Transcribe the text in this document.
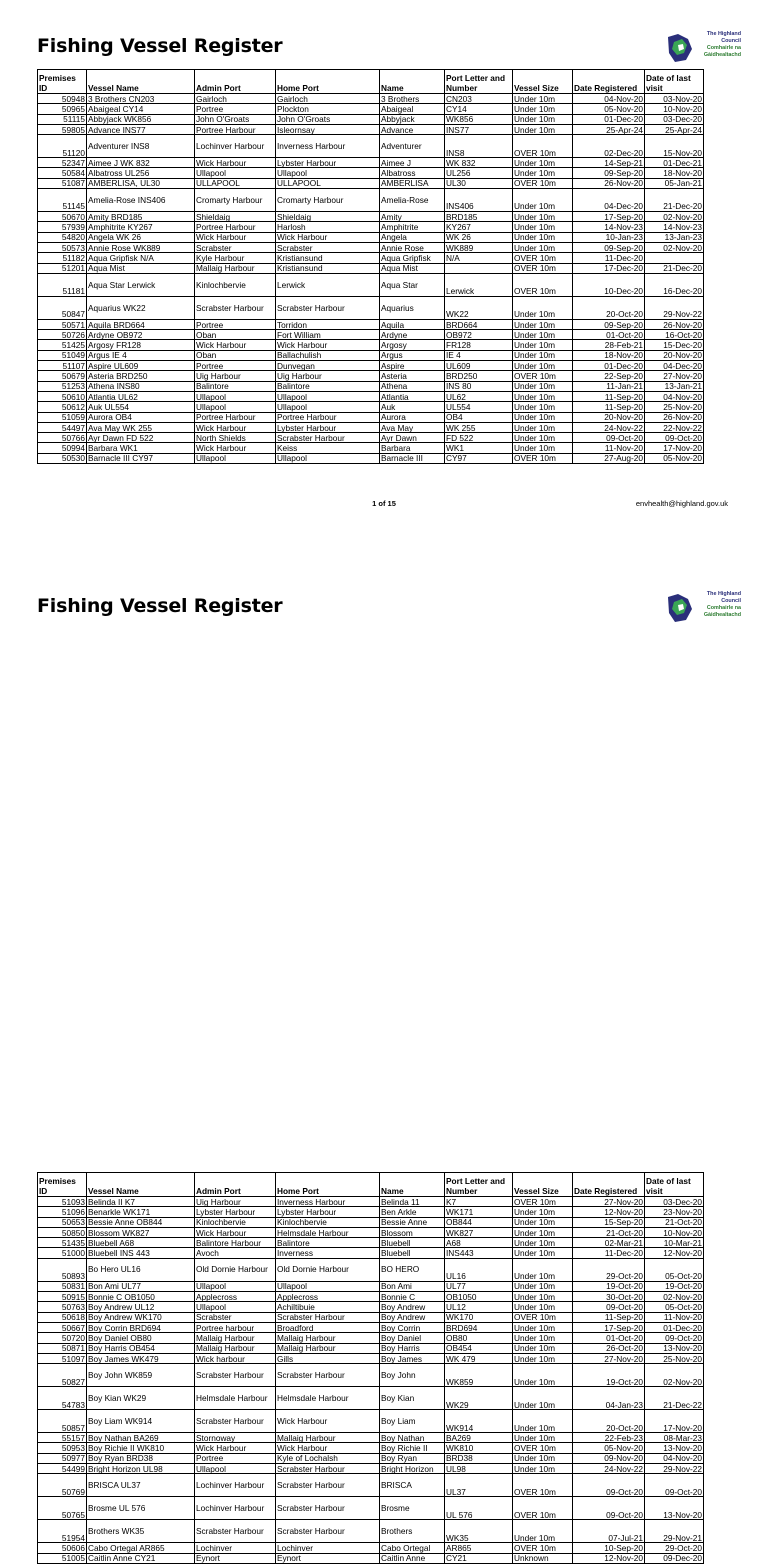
Fishing Vessel Register
The Highland
Council
Comhairle na
Gàidhealtachd
Premises ID	Vessel Name	Admin Port	Home Port	Name	Port Letter and Number	Vessel Size	Date Registered	Date of last visit
50948	3 Brothers CN203	Gairloch	Gairloch	3 Brothers	CN203	Under 10m	04-Nov-20	03-Nov-20
50965	Abaigeal CY14	Portree	Plockton	Abaigeal	CY14	Under 10m	05-Nov-20	10-Nov-20
51115	Abbyjack WK856	John O'Groats	John O'Groats	Abbyjack	WK856	Under 10m	01-Dec-20	03-Dec-20
59805	Advance INS77	Portree Harbour	Isleornsay	Advance	INS77	Under 10m	25-Apr-24	25-Apr-24
51120	Adventurer INS8	Lochinver Harbour	Inverness Harbour	Adventurer	INS8	OVER 10m	02-Dec-20	15-Nov-20
52347	Aimee J WK 832	Wick Harbour	Lybster Harbour	Aimee J	WK 832	Under 10m	14-Sep-21	01-Dec-21
50584	Albatross UL256	Ullapool	Ullapool	Albatross	UL256	Under 10m	09-Sep-20	18-Nov-20
51087	AMBERLISA, UL30	ULLAPOOL	ULLAPOOL	AMBERLISA	UL30	OVER 10m	26-Nov-20	05-Jan-21
51145	Amelia-Rose INS406	Cromarty Harbour	Cromarty Harbour	Amelia-Rose	INS406	Under 10m	04-Dec-20	21-Dec-20
50670	Amity BRD185	Shieldaig	Shieldaig	Amity	BRD185	Under 10m	17-Sep-20	02-Nov-20
57939	Amphitrite KY267	Portree Harbour	Harlosh	Amphitrite	KY267	Under 10m	14-Nov-23	14-Nov-23
54820	Angela WK 26	Wick Harbour	Wick Harbour	Angela	WK 26	Under 10m	10-Jan-23	13-Jan-23
50573	Annie Rose WK889	Scrabster	Scrabster	Annie Rose	WK889	Under 10m	09-Sep-20	02-Nov-20
51182	Aqua Gripfisk N/A	Kyle Harbour	Kristiansund	Aqua Gripfisk	N/A	OVER 10m	11-Dec-20	
51201	Aqua Mist	Mallaig Harbour	Kristiansund	Aqua Mist		OVER 10m	17-Dec-20	21-Dec-20
51181	Aqua Star Lerwick	Kinlochbervie	Lerwick	Aqua Star	Lerwick	OVER 10m	10-Dec-20	16-Dec-20
50847	Aquarius WK22	Scrabster Harbour	Scrabster Harbour	Aquarius	WK22	Under 10m	20-Oct-20	29-Nov-22
50571	Aquila BRD664	Portree	Torridon	Aquila	BRD664	Under 10m	09-Sep-20	26-Nov-20
50726	Ardyne OB972	Oban	Fort William	Ardyne	OB972	Under 10m	01-Oct-20	16-Oct-20
51425	Argosy FR128	Wick Harbour	Wick Harbour	Argosy	FR128	Under 10m	28-Feb-21	15-Dec-20
51049	Argus IE 4	Oban	Ballachulish	Argus	IE 4	Under 10m	18-Nov-20	20-Nov-20
51107	Aspire UL609	Portree	Dunvegan	Aspire	UL609	Under 10m	01-Dec-20	04-Dec-20
50679	Asteria BRD250	Uig Harbour	Uig Harbour	Asteria	BRD250	OVER 10m	22-Sep-20	27-Nov-20
51253	Athena INS80	Balintore	Balintore	Athena	INS 80	Under 10m	11-Jan-21	13-Jan-21
50610	Atlantia UL62	Ullapool	Ullapool	Atlantia	UL62	Under 10m	11-Sep-20	04-Nov-20
50612	Auk UL554	Ullapool	Ullapool	Auk	UL554	Under 10m	11-Sep-20	25-Nov-20
51059	Aurora OB4	Portree Harbour	Portree Harbour	Aurora	OB4	Under 10m	20-Nov-20	26-Nov-20
54497	Ava May WK 255	Wick Harbour	Lybster Harbour	Ava May	WK 255	Under 10m	24-Nov-22	22-Nov-22
50766	Ayr Dawn FD 522	North Shields	Scrabster Harbour	Ayr Dawn	FD 522	Under 10m	09-Oct-20	09-Oct-20
50994	Barbara WK1	Wick Harbour	Keiss	Barbara	WK1	Under 10m	11-Nov-20	17-Nov-20
50530	Barnacle III CY97	Ullapool	Ullapool	Barnacle III	CY97	OVER 10m	27-Aug-20	05-Nov-20
1 of 15	envhealth@highland.gov.uk
Fishing Vessel Register
The Highland
Council
Comhairle na
Gàidhealtachd
Premises ID	Vessel Name	Admin Port	Home Port	Name	Port Letter and Number	Vessel Size	Date Registered	Date of last visit
51093	Belinda II K7	Uig Harbour	Inverness Harbour	Belinda 11	K7	OVER 10m	27-Nov-20	03-Dec-20
51096	Benarkle WK171	Lybster Harbour	Lybster Harbour	Ben Arkle	WK171	Under 10m	12-Nov-20	23-Nov-20
50653	Bessie Anne OB844	Kinlochbervie	Kinlochbervie	Bessie Anne	OB844	Under 10m	15-Sep-20	21-Oct-20
50850	Blossom WK827	Wick Harbour	Helmsdale Harbour	Blossom	WK827	Under 10m	21-Oct-20	10-Nov-20
51435	Bluebell A68	Balintore Harbour	Balintore	Bluebell	A68	Under 10m	02-Mar-21	10-Mar-21
51000	Bluebell INS 443	Avoch	Inverness	Bluebell	INS443	Under 10m	11-Dec-20	12-Nov-20
50893	Bo Hero UL16	Old Dornie Harbour	Old Dornie Harbour	BO HERO	UL16	Under 10m	29-Oct-20	05-Oct-20
50831	Bon Ami UL77	Ullapool	Ullapool	Bon Ami	UL77	Under 10m	19-Oct-20	19-Oct-20
50915	Bonnie C OB1050	Applecross	Applecross	Bonnie C	OB1050	Under 10m	30-Oct-20	02-Nov-20
50763	Boy Andrew UL12	Ullapool	Achiltibuie	Boy Andrew	UL12	Under 10m	09-Oct-20	05-Oct-20
50618	Boy Andrew WK170	Scrabster	Scrabster Harbour	Boy Andrew	WK170	OVER 10m	11-Sep-20	11-Nov-20
50667	Boy Corrin BRD694	Portree harbour	Broadford	Boy Corrin	BRD694	Under 10m	17-Sep-20	01-Dec-20
50720	Boy Daniel OB80	Mallaig Harbour	Mallaig Harbour	Boy Daniel	OB80	Under 10m	01-Oct-20	09-Oct-20
50871	Boy Harris OB454	Mallaig Harbour	Mallaig Harbour	Boy Harris	OB454	Under 10m	26-Oct-20	13-Nov-20
51097	Boy James WK479	Wick harbour	Gills	Boy James	WK 479	Under 10m	27-Nov-20	25-Nov-20
50827	Boy John WK859	Scrabster Harbour	Scrabster Harbour	Boy John	WK859	Under 10m	19-Oct-20	02-Nov-20
54783	Boy Kian WK29	Helmsdale Harbour	Helmsdale Harbour	Boy Kian	WK29	Under 10m	04-Jan-23	21-Dec-22
50857	Boy Liam WK914	Scrabster Harbour	Wick Harbour	Boy Liam	WK914	Under 10m	20-Oct-20	17-Nov-20
55157	Boy Nathan BA269	Stornoway	Mallaig Harbour	Boy Nathan	BA269	Under 10m	22-Feb-23	08-Mar-23
50953	Boy Richie II WK810	Wick Harbour	Wick Harbour	Boy Richie II	WK810	OVER 10m	05-Nov-20	13-Nov-20
50977	Boy Ryan BRD38	Portree	Kyle of Lochalsh	Boy Ryan	BRD38	Under 10m	09-Nov-20	04-Nov-20
54499	Bright Horizon UL98	Ullapool	Scrabster Harbour	Bright Horizon	UL98	Under 10m	24-Nov-22	29-Nov-22
50769	BRISCA UL37	Lochinver Harbour	Scrabster Harbour	BRISCA	UL37	OVER 10m	09-Oct-20	09-Oct-20
50765	Brosme UL 576	Lochinver Harbour	Scrabster Harbour	Brosme	UL 576	OVER 10m	09-Oct-20	13-Nov-20
51954	Brothers WK35	Scrabster Harbour	Scrabster Harbour	Brothers	WK35	Under 10m	07-Jul-21	29-Nov-21
50606	Cabo Ortegal AR865	Lochinver	Lochinver	Cabo Ortegal	AR865	OVER 10m	10-Sep-20	29-Oct-20
51005	Caitlin Anne CY21	Eynort	Eynort	Caitlin Anne	CY21	Unknown	12-Nov-20	09-Dec-20
